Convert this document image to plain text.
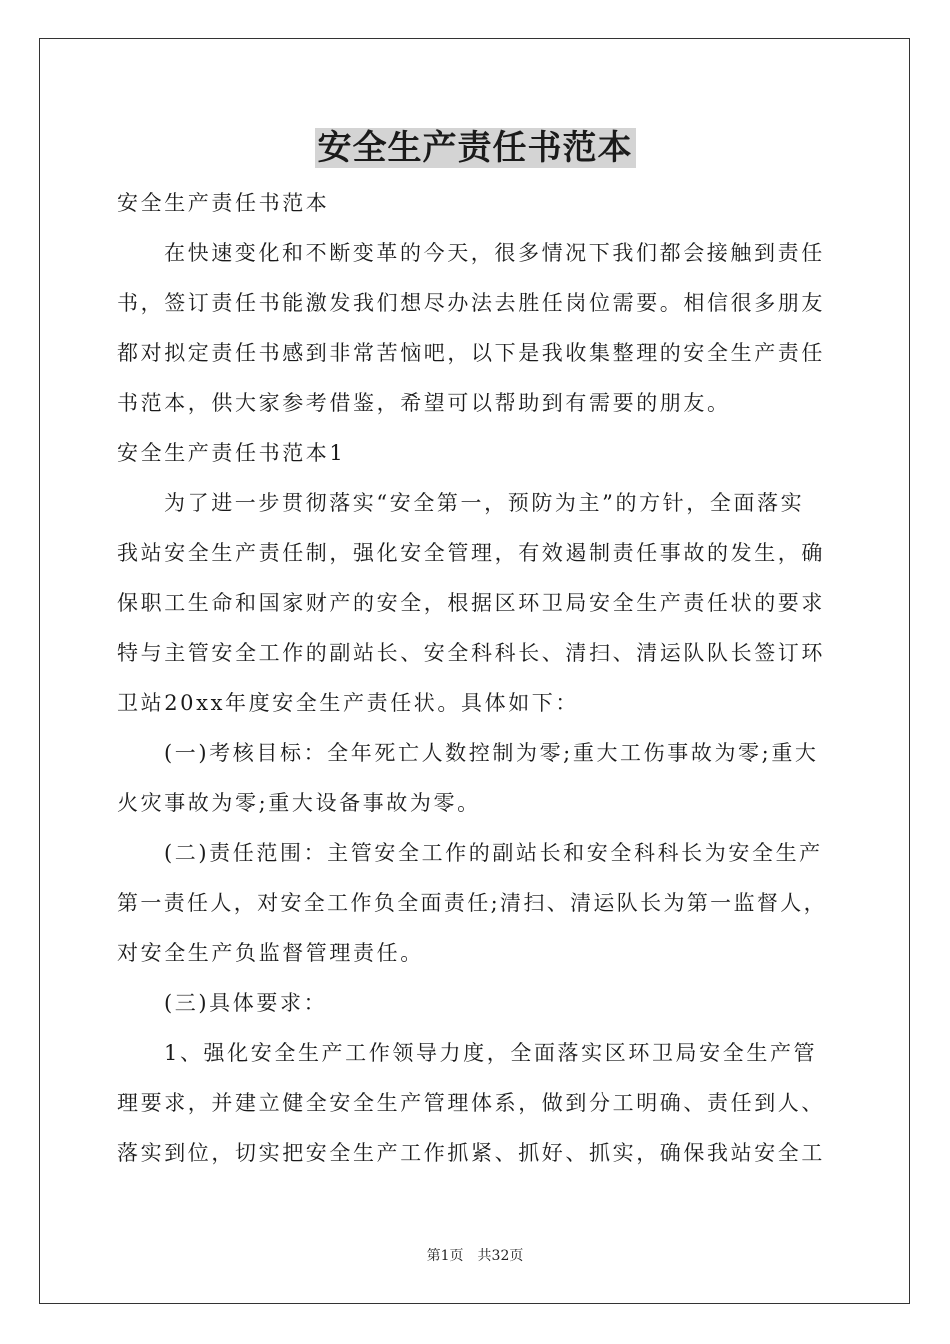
安全生产责任书范本
安全生产责任书范本
在快速变化和不断变革的今天，很多情况下我们都会接触到责任
书，签订责任书能激发我们想尽办法去胜任岗位需要。相信很多朋友
都对拟定责任书感到非常苦恼吧，以下是我收集整理的安全生产责任
书范本，供大家参考借鉴，希望可以帮助到有需要的朋友。
安全生产责任书范本1
为了进一步贯彻落实“安全第一，预防为主”的方针，全面落实
我站安全生产责任制，强化安全管理，有效遏制责任事故的发生，确
保职工生命和国家财产的安全，根据区环卫局安全生产责任状的要求
特与主管安全工作的副站长、安全科科长、清扫、清运队队长签订环
卫站20xx年度安全生产责任状。具体如下：
(一)考核目标：全年死亡人数控制为零;重大工伤事故为零;重大
火灾事故为零;重大设备事故为零。
(二)责任范围：主管安全工作的副站长和安全科科长为安全生产
第一责任人，对安全工作负全面责任;清扫、清运队长为第一监督人，
对安全生产负监督管理责任。
(三)具体要求：
1、强化安全生产工作领导力度，全面落实区环卫局安全生产管
理要求，并建立健全安全生产管理体系，做到分工明确、责任到人、
落实到位，切实把安全生产工作抓紧、抓好、抓实，确保我站安全工
第1页 共32页
